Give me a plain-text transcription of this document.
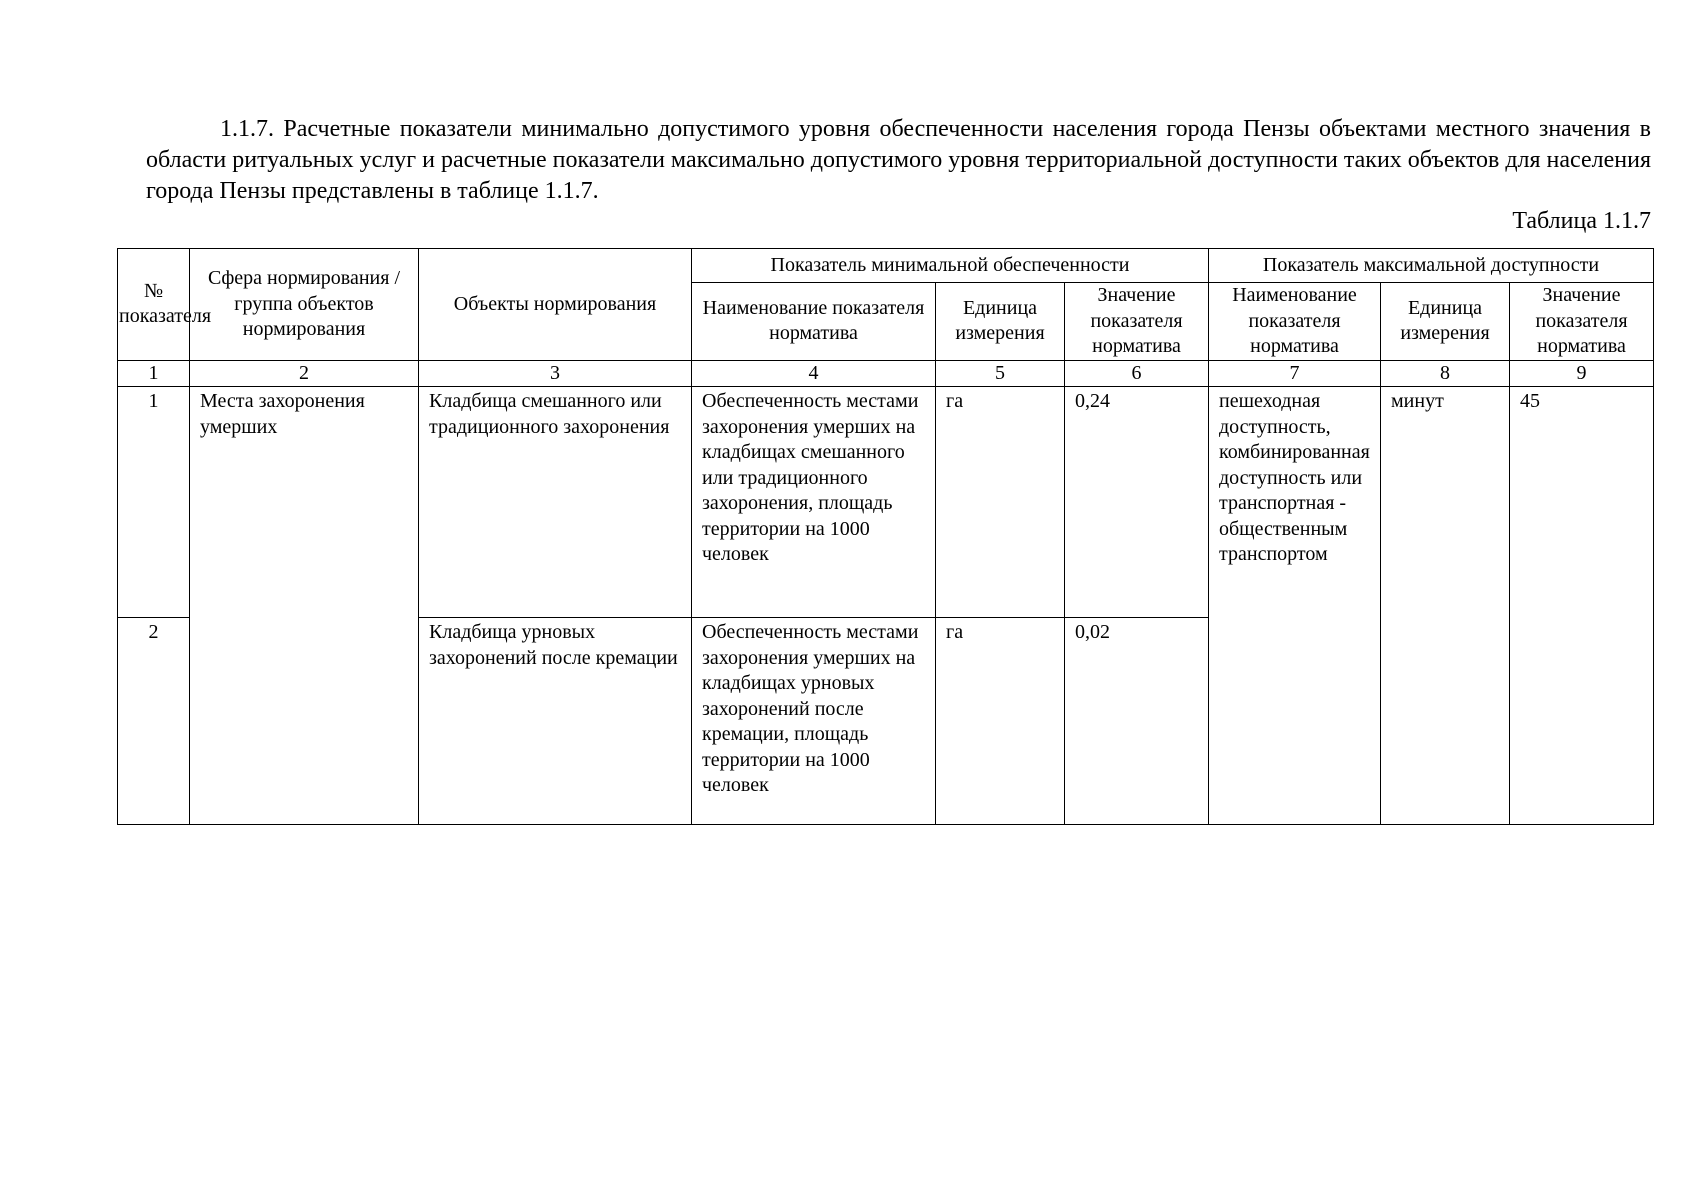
1.1.7. Расчетные показатели минимально допустимого уровня обеспеченности населения города Пензы объектами местного значения в области ритуальных услуг и расчетные показатели максимально допустимого уровня территориальной доступности таких объектов для населения города Пензы представлены в таблице 1.1.7.

Таблица 1.1.7

№ показателя	Сфера нормирования / группа объектов нормирования	Объекты нормирования	Показатель минимальной обеспеченности			Показатель максимальной доступности		
			Наименование показателя норматива	Единица измерения	Значение показателя норматива	Наименование показателя норматива	Единица измерения	Значение показателя норматива
1	2	3	4	5	6	7	8	9
1	Места захоронения умерших	Кладбища смешанного или традиционного захоронения	Обеспеченность местами захоронения умерших на кладбищах смешанного или традиционного захоронения, площадь территории на 1000 человек	га	0,24	пешеходная доступность, комбинированная доступность или транспортная - общественным транспортом	минут	45
2		Кладбища урновых захоронений после кремации	Обеспеченность местами захоронения умерших на кладбищах урновых захоронений после кремации, площадь территории на 1000 человек	га	0,02			
